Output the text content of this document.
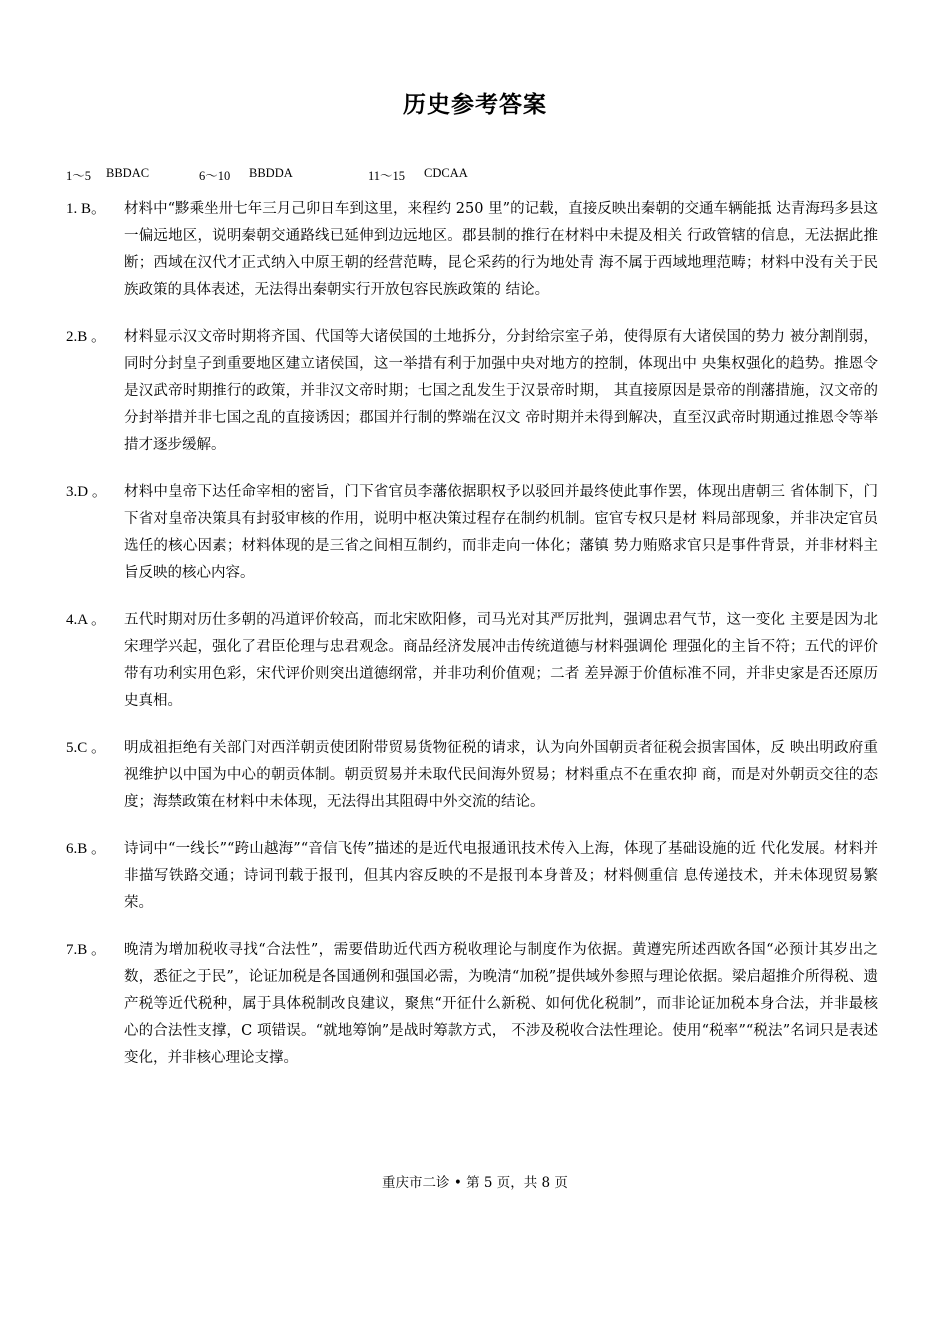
历史参考答案
1～5 BBDAC	6～10 BBDDA	11～15 CDCAA
1. B。 材料中“黟乘坐卅七年三月己卯日车到这里，来程约 250 里”的记载，直接反映出秦朝的交通车辆能抵 达青海玛多县这一偏远地区，说明秦朝交通路线已延伸到边远地区。郡县制的推行在材料中未提及相关 行政管辖的信息，无法据此推断；西域在汉代才正式纳入中原王朝的经营范畴，昆仑采药的行为地处青 海不属于西域地理范畴；材料中没有关于民族政策的具体表述，无法得出秦朝实行开放包容民族政策的 结论。
2.B 。 材料显示汉文帝时期将齐国、代国等大诸侯国的土地拆分，分封给宗室子弟，使得原有大诸侯国的势力 被分割削弱，同时分封皇子到重要地区建立诸侯国，这一举措有利于加强中央对地方的控制，体现出中 央集权强化的趋势。推恩令是汉武帝时期推行的政策，并非汉文帝时期；七国之乱发生于汉景帝时期， 其直接原因是景帝的削藩措施，汉文帝的分封举措并非七国之乱的直接诱因；郡国并行制的弊端在汉文 帝时期并未得到解决，直至汉武帝时期通过推恩令等举措才逐步缓解。
3.D 。 材料中皇帝下达任命宰相的密旨，门下省官员李藩依据职权予以驳回并最终使此事作罢，体现出唐朝三 省体制下，门下省对皇帝决策具有封驳审核的作用，说明中枢决策过程存在制约机制。宦官专权只是材 料局部现象，并非决定官员选任的核心因素；材料体现的是三省之间相互制约，而非走向一体化；藩镇 势力贿赂求官只是事件背景，并非材料主旨反映的核心内容。
4.A 。 五代时期对历仕多朝的冯道评价较高，而北宋欧阳修，司马光对其严厉批判，强调忠君气节，这一变化 主要是因为北宋理学兴起，强化了君臣伦理与忠君观念。商品经济发展冲击传统道德与材料强调伦 理强化的主旨不符；五代的评价带有功利实用色彩，宋代评价则突出道德纲常，并非功利价值观；二者 差异源于价值标准不同，并非史家是否还原历史真相。
5.C 。 明成祖拒绝有关部门对西洋朝贡使团附带贸易货物征税的请求，认为向外国朝贡者征税会损害国体，反 映出明政府重视维护以中国为中心的朝贡体制。朝贡贸易并未取代民间海外贸易；材料重点不在重农抑 商，而是对外朝贡交往的态度；海禁政策在材料中未体现，无法得出其阻碍中外交流的结论。
6.B 。 诗词中“一线长”“跨山越海”“音信飞传”描述的是近代电报通讯技术传入上海，体现了基础设施的近 代化发展。材料并非描写铁路交通；诗词刊载于报刊，但其内容反映的不是报刊本身普及；材料侧重信 息传递技术，并未体现贸易繁荣。
7.B 。 晚清为增加税收寻找“合法性”，需要借助近代西方税收理论与制度作为依据。黄遵宪所述西欧各国“必预计其岁出之数，悉征之于民”，论证加税是各国通例和强国必需，为晚清“加税”提供域外参照与理论依据。梁启超推介所得税、遗产税等近代税种，属于具体税制改良建议，聚焦“开征什么新税、如何优化税制”，而非论证加税本身合法，并非最核心的合法性支撑，C 项错误。“就地筹饷”是战时筹款方式， 不涉及税收合法性理论。使用“税率”“税法”名词只是表述变化，并非核心理论支撑。
重庆市二诊 • 第 5 页，共 8 页
